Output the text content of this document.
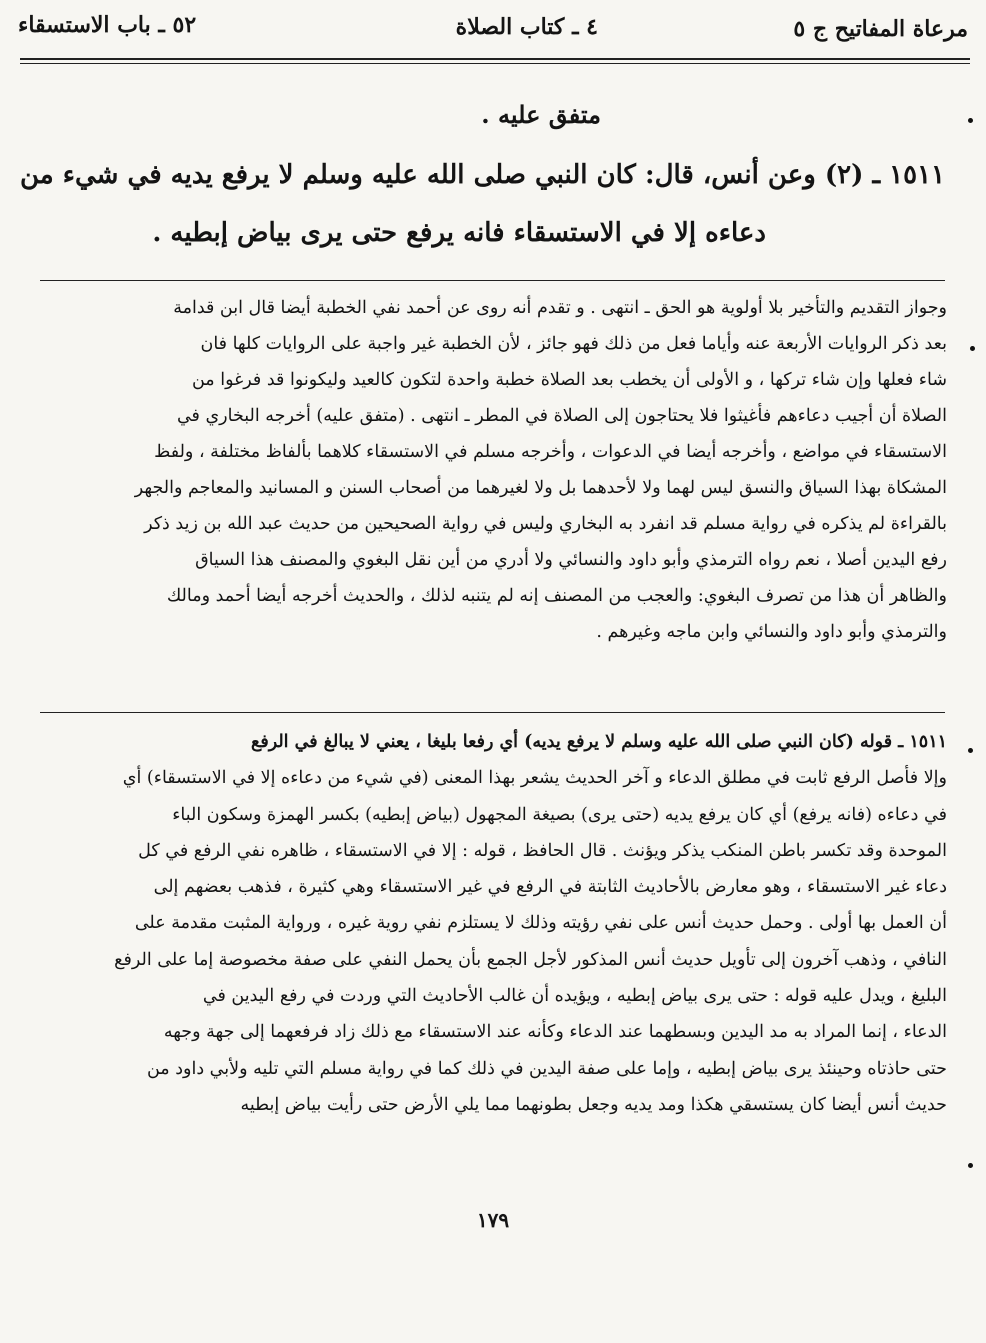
مرعاة المفاتيح ج ٥
٤ ـ كتاب الصلاة
٥٢ ـ باب الاستسقاء
متفق عليه .
١٥١١ ـ (٢) وعن أنس، قال: كان النبي صلى الله عليه وسلم لا يرفع يديه في شيء من
دعاءه إلا في الاستسقاء فانه يرفع حتى يرى بياض إبطيه .

وجواز التقديم والتأخير بلا أولوية هو الحق ـ انتهى . و تقدم أنه روى عن أحمد نفي الخطبة أيضا قال ابن قدامة

بعد ذكر الروايات الأربعة عنه وأياما فعل من ذلك فهو جائز ، لأن الخطبة غير واجبة على الروايات كلها فان

شاء فعلها وإن شاء تركها ، و الأولى أن يخطب بعد الصلاة خطبة واحدة لتكون كالعيد وليكونوا قد فرغوا من

الصلاة أن أجيب دعاءهم فأغيثوا فلا يحتاجون إلى الصلاة في المطر ـ انتهى . (متفق عليه) أخرجه البخاري في

الاستسقاء في مواضع ، وأخرجه أيضا في الدعوات ، وأخرجه مسلم في الاستسقاء كلاهما بألفاظ مختلفة ، ولفظ

المشكاة بهذا السياق والنسق ليس لهما ولا لأحدهما بل ولا لغيرهما من أصحاب السنن و المسانيد والمعاجم والجهر

بالقراءة لم يذكره في رواية مسلم قد انفرد به البخاري وليس في رواية الصحيحين من حديث عبد الله بن زيد ذكر

رفع اليدين أصلا ، نعم رواه الترمذي وأبو داود والنسائي ولا أدري من أين نقل البغوي والمصنف هذا السياق

والظاهر أن هذا من تصرف البغوي: والعجب من المصنف إنه لم يتنبه لذلك ، والحديث أخرجه أيضا أحمد ومالك

والترمذي وأبو داود والنسائي وابن ماجه وغيرهم .

١٥١١ ـ قوله (كان النبي صلى الله عليه وسلم لا يرفع يديه) أي رفعا بليغا ، يعني لا يبالغ في الرفع

وإلا فأصل الرفع ثابت في مطلق الدعاء و آخر الحديث يشعر بهذا المعنى (في شيء من دعاءه إلا في الاستسقاء) أي

في دعاءه (فانه يرفع) أي كان يرفع يديه (حتى يرى) بصيغة المجهول (بياض إبطيه) بكسر الهمزة وسكون الباء

الموحدة وقد تكسر باطن المنكب يذكر ويؤنث . قال الحافظ ، قوله : إلا في الاستسقاء ، ظاهره نفي الرفع في كل

دعاء غير الاستسقاء ، وهو معارض بالأحاديث الثابتة في الرفع في غير الاستسقاء وهي كثيرة ، فذهب بعضهم إلى

أن العمل بها أولى . وحمل حديث أنس على نفي رؤيته وذلك لا يستلزم نفي روية غيره ، ورواية المثبت مقدمة على

النافي ، وذهب آخرون إلى تأويل حديث أنس المذكور لأجل الجمع بأن يحمل النفي على صفة مخصوصة إما على الرفع

البليغ ، ويدل عليه قوله : حتى يرى بياض إبطيه ، ويؤيده أن غالب الأحاديث التي وردت في رفع اليدين في

الدعاء ، إنما المراد به مد اليدين وبسطهما عند الدعاء وكأنه عند الاستسقاء مع ذلك زاد فرفعهما إلى جهة وجهه

حتى حاذتاه وحينئذ يرى بياض إبطيه ، وإما على صفة اليدين في ذلك كما في رواية مسلم التي تليه ولأبي داود من

حديث أنس أيضا كان يستسقي هكذا ومد يديه وجعل بطونهما مما يلي الأرض حتى رأيت بياض إبطيه

١٧٩
